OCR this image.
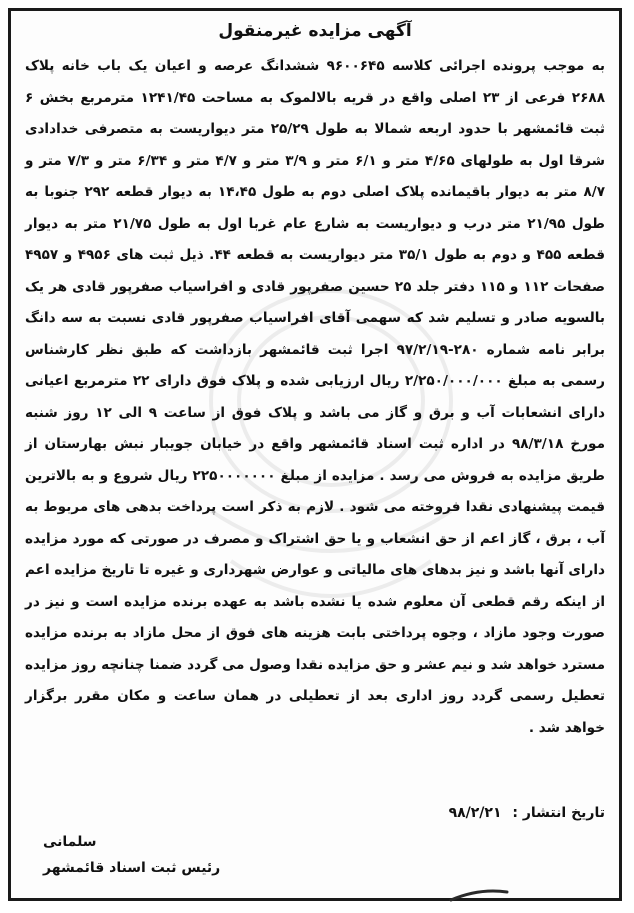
آگهی مزایده غیرمنقول

به موجب پرونده اجرائی کلاسه ۹۶۰۰۶۴۵ ششدانگ عرصه و اعیان یک باب خانه پلاک ۲۶۸۸ فرعی از ۲۳ اصلی واقع در قریه بالالموک به مساحت ۱۲۴۱/۴۵ مترمربع بخش ۶ ثبت قائمشهر با حدود اربعه شمالا به طول ۲۵/۲۹ متر دیواریست به متصرفی خدادادی شرقا اول به طولهای ۴/۶۵ متر و ۶/۱ متر و ۳/۹ متر و ۴/۷ متر و ۶/۳۴ متر و ۷/۳ متر و ۸/۷ متر به دیوار باقیمانده پلاک اصلی دوم به طول ۱۴،۴۵ به دیوار قطعه ۲۹۲ جنوبا به طول ۲۱/۹۵ متر درب و دیواریست به شارع عام غربا اول به طول ۲۱/۷۵ متر به دیوار قطعه ۴۵۵ و دوم به طول ۳۵/۱ متر دیواریست به قطعه ۴۴. ذیل ثبت های ۴۹۵۶ و ۴۹۵۷ صفحات ۱۱۲ و ۱۱۵ دفتر جلد ۲۵ حسین صفرپور قادی و افراسیاب صفرپور قادی هر یک بالسویه صادر و تسلیم شد که سهمی آقای افراسیاب صفرپور قادی نسبت به سه دانگ برابر نامه شماره ۲۸۰-۹۷/۲/۱۹ اجرا ثبت قائمشهر بازداشت که طبق نظر کارشناس رسمی به مبلغ ۲/۲۵۰/۰۰۰/۰۰۰ ریال ارزیابی شده و پلاک فوق دارای ۲۲ مترمربع اعیانی دارای انشعابات آب و برق و گاز می باشد و پلاک فوق از ساعت ۹ الی ۱۲ روز شنبه مورخ ۹۸/۳/۱۸ در اداره ثبت اسناد قائمشهر واقع در خیابان جویبار نبش بهارستان از طریق مزایده به فروش می رسد . مزایده از مبلغ ۲۲۵۰۰۰۰۰۰۰ ریال شروع و به بالاترین قیمت پیشنهادی نقدا فروخته می شود . لازم به ذکر است پرداخت بدهی های مربوط به آب ، برق ، گاز اعم از حق انشعاب و یا حق اشتراک و مصرف در صورتی که مورد مزایده دارای آنها باشد و نیز بدهای های مالیاتی و عوارض شهرداری و غیره تا تاریخ مزایده اعم از اینکه رقم قطعی آن معلوم شده یا نشده باشد به عهده برنده مزایده است و نیز در صورت وجود مازاد ، وجوه پرداختی بابت هزینه های فوق از محل مازاد به برنده مزایده مسترد خواهد شد و نیم عشر و حق مزایده نقدا وصول می گردد ضمنا چنانچه روز مزایده تعطیل رسمی گردد روز اداری بعد از تعطیلی در همان ساعت و مکان مقرر برگزار خواهد شد .

تاریخ انتشار : ۹۸/۲/۲۱
سلمانی
رئیس ثبت اسناد قائمشهر
